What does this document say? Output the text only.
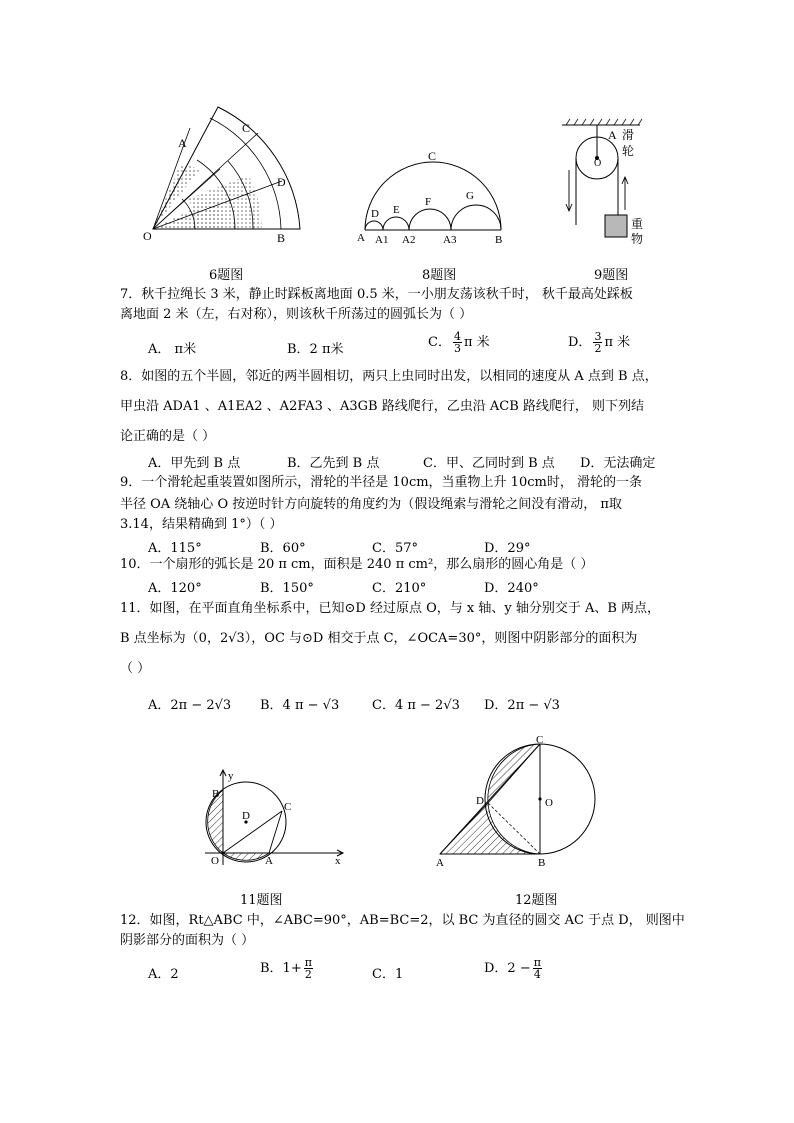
A
C
D
O	B
6题图
C
D E
F	G
A A1 A2	A3	B
8题图
A
O
滑
轮
重
物
9题图
7．秋千拉绳长 3 米，静止时踩板离地面 0.5 米，一小朋友荡该秋千时， 秋千最高处踩板
离地面 2 米（左，右对称），则该秋千所荡过的圆弧长为（ ）
A． π米	B．2 π米	C． $\frac{4}{3}$ π 米	D． $\frac{3}{2}$ π 米
8．如图的五个半圆，邻近的两半圆相切，两只上虫同时出发，以相同的速度从 A 点到 B 点，
甲虫沿 ADA1 、A1EA2 、A2FA3 、A3GB 路线爬行，乙虫沿 ACB 路线爬行， 则下列结
论正确的是（ ）
A．甲先到 B 点	B．乙先到 B 点	C．甲、乙同时到 B 点 D．无法确定
9．一个滑轮起重装置如图所示，滑轮的半径是 10cm，当重物上升 10cm时， 滑轮的一条
半径 OA 绕轴心 O 按逆时针方向旋转的角度约为（假设绳索与滑轮之间没有滑动， π取
3.14，结果精确到 1°）（ ）
A．115°	B．60°	C．57°	D．29°
10．一个扇形的弧长是 20 π cm，面积是 240 π cm²，那么扇形的圆心角是（ ）
A．120°	B．150°	C．210°	D．240°
11．如图，在平面直角坐标系中，已知⊙D 经过原点 O，与 x 轴、y 轴分别交于 A、B 两点，
B 点坐标为（0，2√3），OC 与⊙D 相交于点 C，∠OCA=30°，则图中阴影部分的面积为
（ ）
A．2π − 2√3 B．4 π − √3	C．4 π − 2√3 D．2π − √3
y
B
D
C
O	A	x
11题图
C
D	O
A	B
12题图
12．如图，Rt△ABC 中，∠ABC=90°，AB=BC=2，以 BC 为直径的圆交 AC 于点 D， 则图中
阴影部分的面积为（ ）
A．2	B．$1+ \frac{\pi}{2}$	C．1	D．$2 - \frac{\pi}{4}$
